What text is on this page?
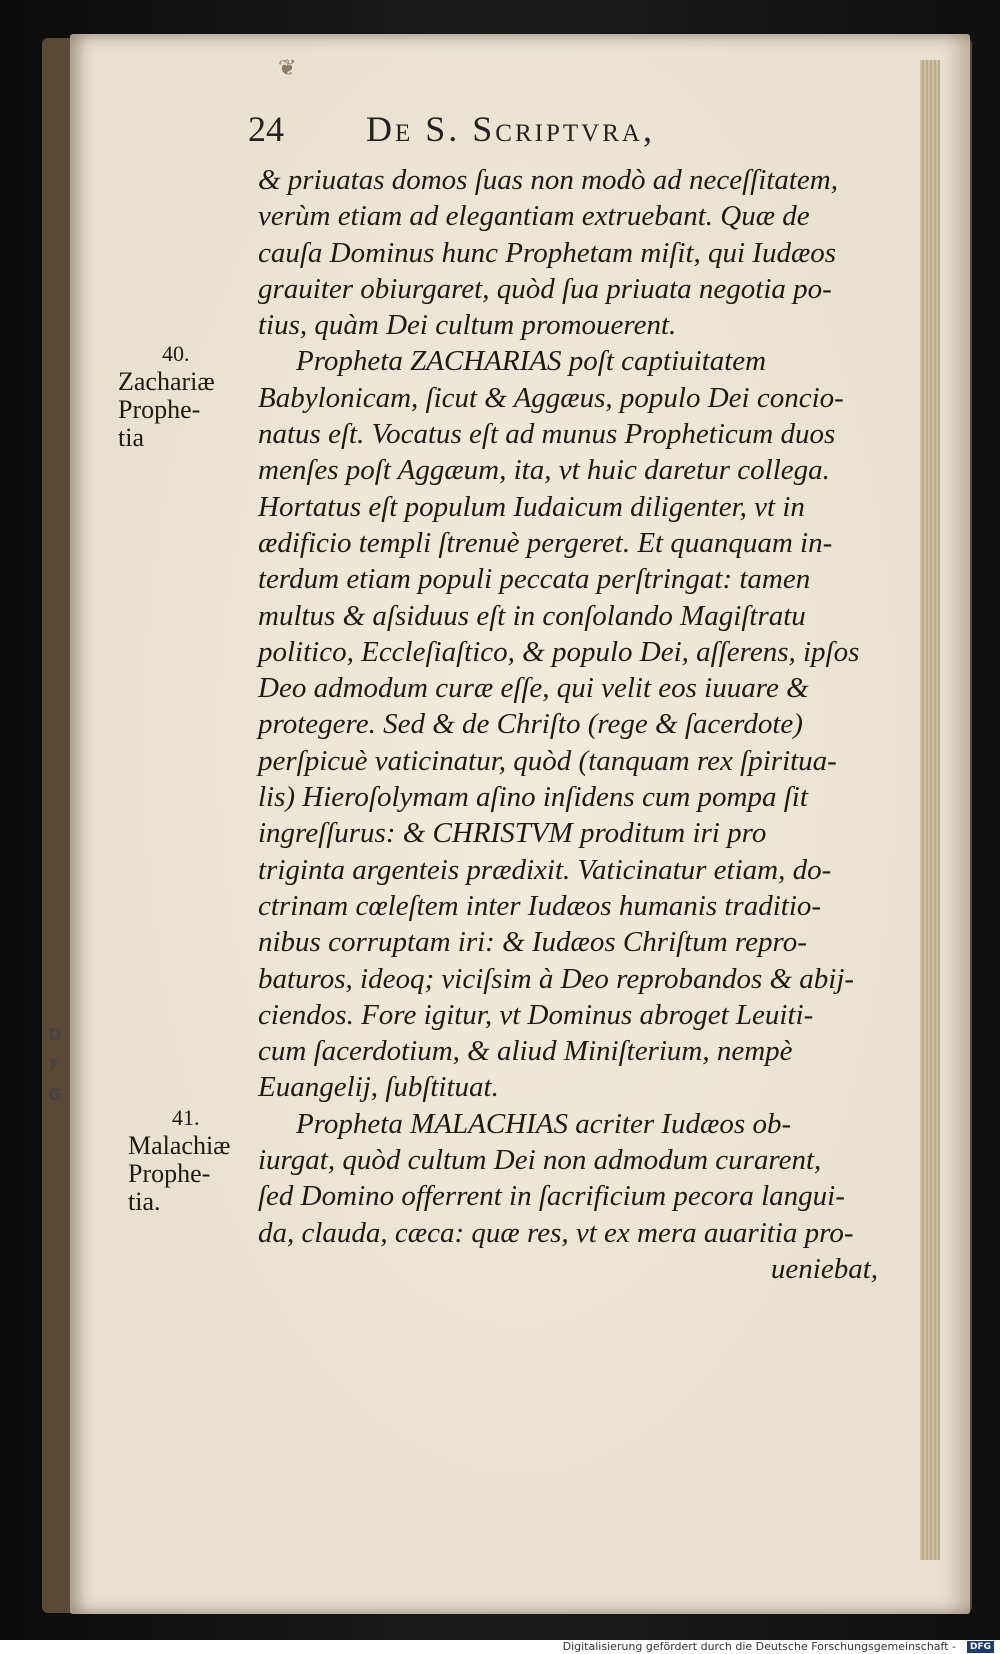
❦
24 De S. Scriptvra,
& priuatas domos ſuas non modò ad neceſſitatem,
verùm etiam ad elegantiam extruebant. Quæ de
cauſa Dominus hunc Prophetam miſit, qui Iudæos
grauiter obiurgaret, quòd ſua priuata negotia po-
tius, quàm Dei cultum promouerent.
Propheta ZACHARIAS poſt captiuitatem
Babylonicam, ſicut & Aggæus, populo Dei concio-
natus eſt. Vocatus eſt ad munus Propheticum duos
menſes poſt Aggæum, ita, vt huic daretur collega.
Hortatus eſt populum Iudaicum diligenter, vt in
ædificio templi ſtrenuè pergeret. Et quanquam in-
terdum etiam populi peccata perſtringat: tamen
multus & aſsiduus eſt in conſolando Magiſtratu
politico, Eccleſiaſtico, & populo Dei, aſſerens, ipſos
Deo admodum curæ eſſe, qui velit eos iuuare &
protegere. Sed & de Chriſto (rege & ſacerdote)
perſpicuè vaticinatur, quòd (tanquam rex ſpiritua-
lis) Hieroſolymam aſino inſidens cum pompa ſit
ingreſſurus: & CHRISTVM proditum iri pro
triginta argenteis prædixit. Vaticinatur etiam, do-
ctrinam cœleſtem inter Iudæos humanis traditio-
nibus corruptam iri: & Iudæos Chriſtum repro-
baturos, ideoq; viciſsim à Deo reprobandos & abij-
ciendos. Fore igitur, vt Dominus abroget Leuiti-
cum ſacerdotium, & aliud Miniſterium, nempè
Euangelij, ſubſtituat.
Propheta MALACHIAS acriter Iudæos ob-
iurgat, quòd cultum Dei non admodum curarent,
ſed Domino offerrent in ſacrificium pecora langui-
da, clauda, cæca: quæ res, vt ex mera auaritia pro-
ueniebat,
40.
Zachariæ
Prophe-
tia
41.
Malachiæ
Prophe-
tia.
D
F
G
Digitalisierung gefördert durch die Deutsche Forschungsgemeinschaft -	DFG
